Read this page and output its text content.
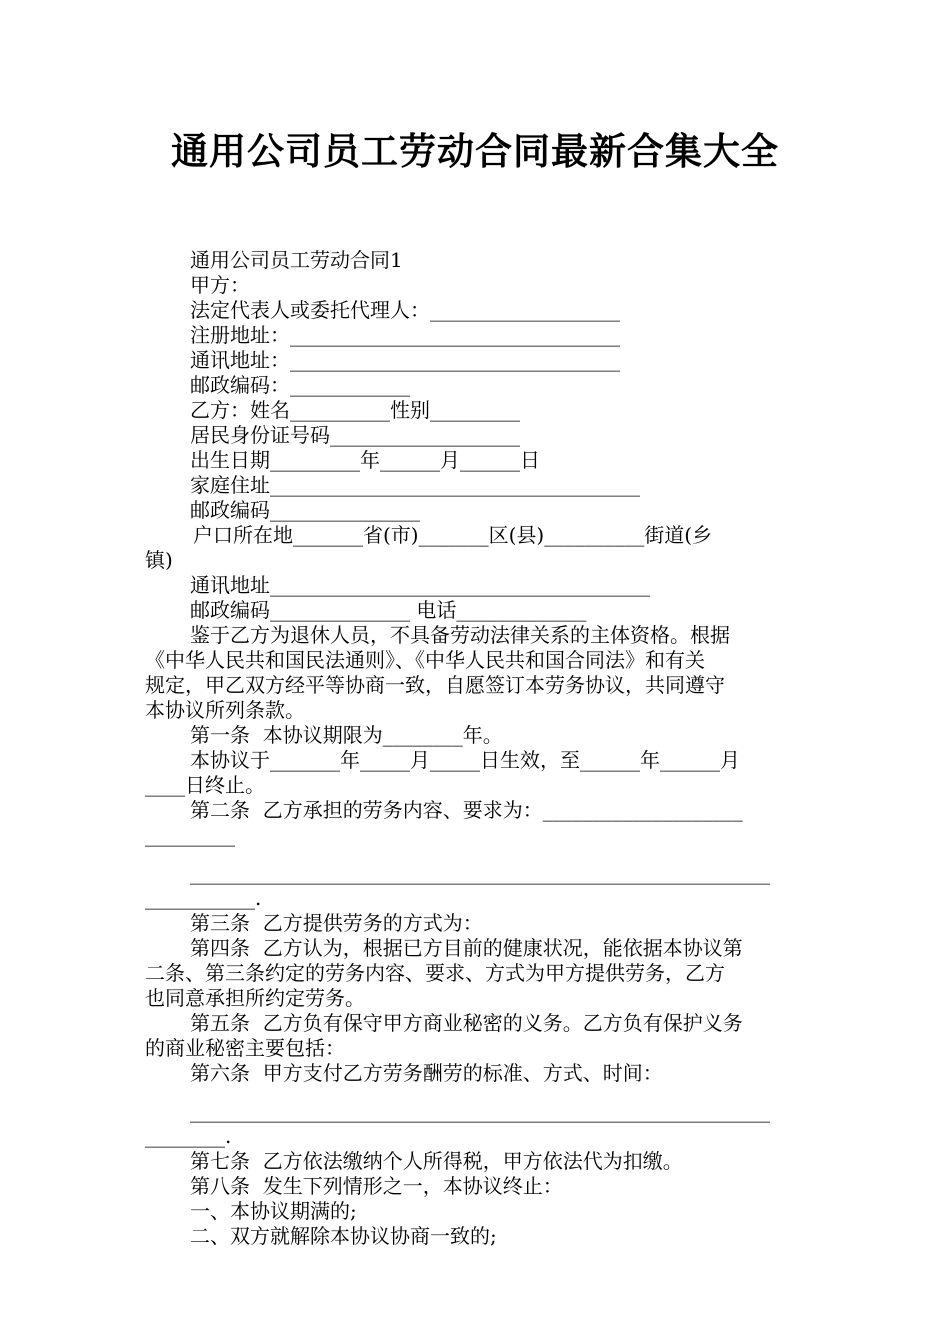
通用公司员工劳动合同最新合集大全
通用公司员工劳动合同1
甲方：
法定代表人或委托代理人：___________________
注册地址：_________________________________
通讯地址：_________________________________
邮政编码：____________
乙方：姓名__________性别_________
居民身份证号码___________________
出生日期_________年______月______日
家庭住址_____________________________________
邮政编码_______________
户口所在地_______省(市)_______区(县)__________街道(乡
镇)
通讯地址______________________________________
邮政编码______________ 电话_____________
鉴于乙方为退休人员，不具备劳动法律关系的主体资格。根据
《中华人民共和国民法通则》、《中华人民共和国合同法》和有关
规定，甲乙双方经平等协商一致，自愿签订本劳务协议，共同遵守
本协议所列条款。
第一条  本协议期限为________年。
本协议于_______年_____月_____日生效，至______年______月
____日终止。
第二条  乙方承担的劳务内容、要求为：____________________
_________
__________________________________________________________
___________.
第三条  乙方提供劳务的方式为：
第四条  乙方认为，根据已方目前的健康状况，能依据本协议第
二条、第三条约定的劳务内容、要求、方式为甲方提供劳务，乙方
也同意承担所约定劳务。
第五条  乙方负有保守甲方商业秘密的义务。乙方负有保护义务
的商业秘密主要包括：
第六条  甲方支付乙方劳务酬劳的标准、方式、时间：
__________________________________________________________
________.
第七条  乙方依法缴纳个人所得税，甲方依法代为扣缴。
第八条  发生下列情形之一，本协议终止：
一、本协议期满的;
二、双方就解除本协议协商一致的;
